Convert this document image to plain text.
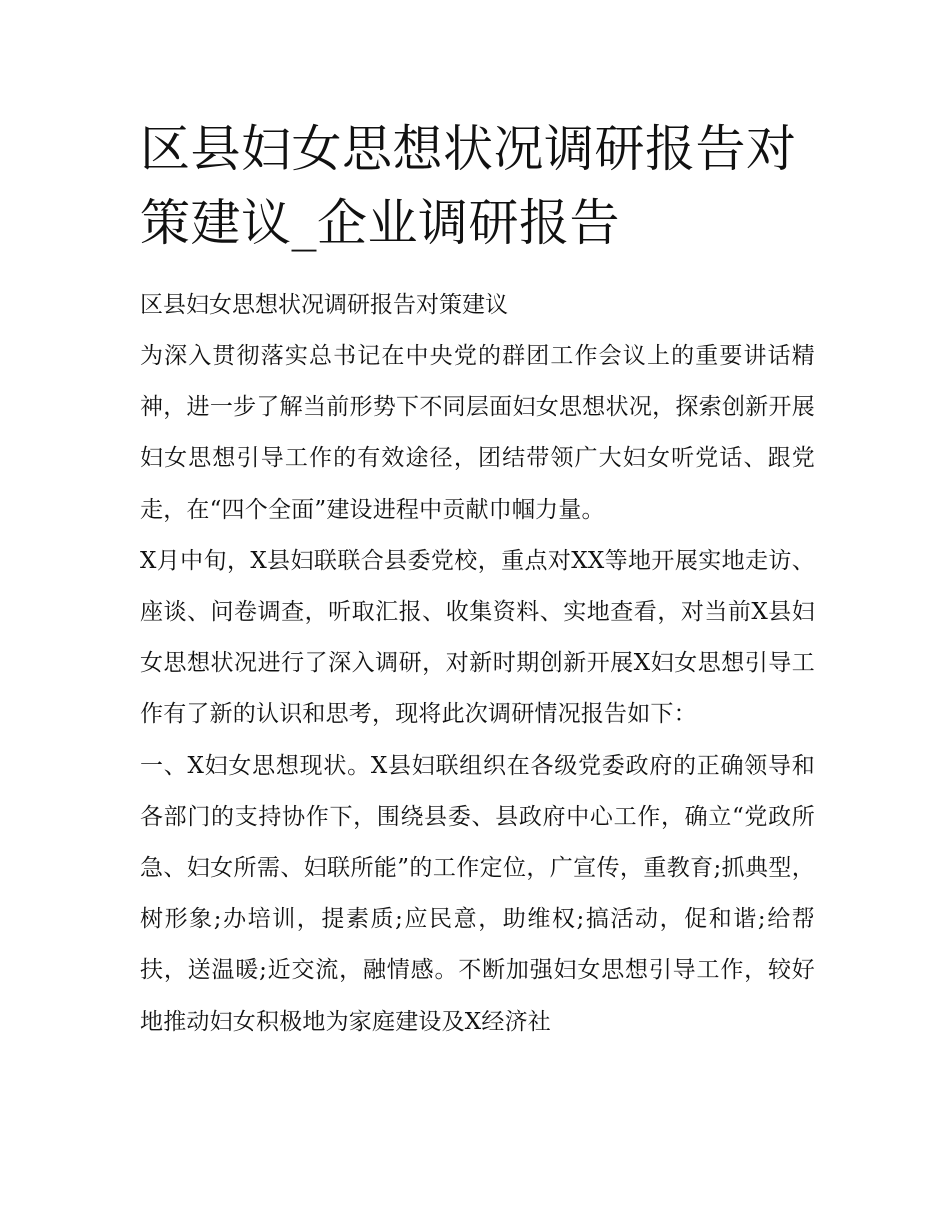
区县妇女思想状况调研报告对策建议_企业调研报告

区县妇女思想状况调研报告对策建议

为深入贯彻落实总书记在中央党的群团工作会议上的重要讲话精神，进一步了解当前形势下不同层面妇女思想状况，探索创新开展妇女思想引导工作的有效途径，团结带领广大妇女听党话、跟党走，在“四个全面”建设进程中贡献巾帼力量。

X月中旬，X县妇联联合县委党校，重点对XX等地开展实地走访、座谈、问卷调查，听取汇报、收集资料、实地查看，对当前X县妇女思想状况进行了深入调研，对新时期创新开展X妇女思想引导工作有了新的认识和思考，现将此次调研情况报告如下：

一、X妇女思想现状。X县妇联组织在各级党委政府的正确领导和各部门的支持协作下，围绕县委、县政府中心工作，确立“党政所急、妇女所需、妇联所能”的工作定位，广宣传，重教育;抓典型，树形象;办培训，提素质;应民意，助维权;搞活动，促和谐;给帮扶，送温暖;近交流，融情感。不断加强妇女思想引导工作，较好地推动妇女积极地为家庭建设及X经济社
